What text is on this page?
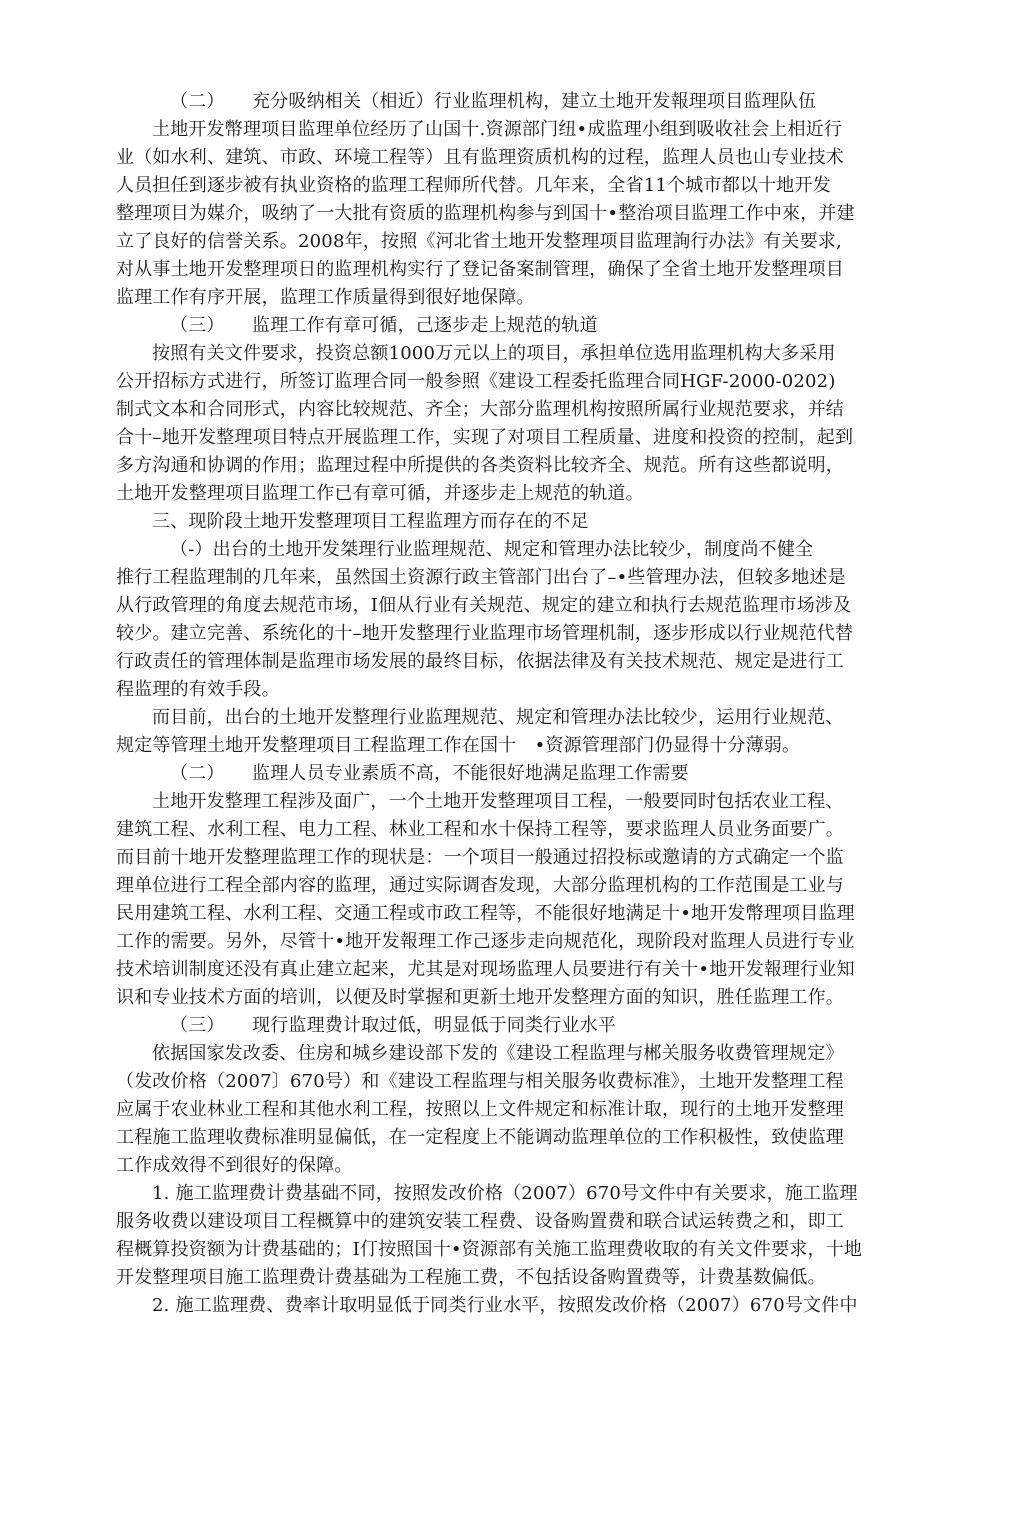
（二）　　充分吸纳相关（相近）行业监理机构，建立土地开发報理项目监理队伍
土地开发幣理项目监理单位经历了山国十.资源部门纽•成监理小组到吸收社会上相近行
业（如水利、建筑、市政、环境工程等）且有监理资质机构的过程，监理人员也山专业技术
人员担任到逐步被有执业资格的监理工程师所代替。几年来，全省11个城市都以十地开发
整理项目为媒介，吸纳了一大批有资质的监理机构参与到国十•整治项目监理工作中來，并建
立了良好的信誉关系。2008年，按照《河北省土地开发整理项目监理詢行办法》有关要求,
对从事土地开发整理项日的监理机构实行了登记备案制管理，确保了全省土地开发整理项目
监理工作有序开展，监理工作质量得到很好地保障。
（三）　　监理工作有章可循，己逐步走上规范的轨道
按照有关文件要求，投资总额1000万元以上的项目，承担单位选用监理机构大多采用
公开招标方式进行，所签订监理合同一般参照《建设工程委托监理合同HGF-2000-0202)
制式文本和合同形式，内容比较规范、齐全；大部分监理机构按照所属行业规范要求，并结
合十–地开发整理项目特点开展监理工作，实现了对项目工程质量、进度和投资的控制，起到
多方沟通和协调的作用；监理过程中所提供的各类资料比较齐全、规范。所有这些都说明，
土地开发整理项目监理工作已有章可循，并逐步走上规范的轨道。
三、现阶段土地开发整理项目工程监理方而存在的不足
（-）出台的土地开发桀理行业监理规范、规定和管理办法比较少，制度尚不健全
推行工程监理制的几年来，虽然国土资源行政主管部门出台了–•些管理办法，但较多地述是
从行政管理的角度去规范市场，I佃从行业有关规范、规定的建立和执行去规范监理市场涉及
较少。建立完善、系统化的十–地开发整理行业监理市场管理机制，逐步形成以行业规范代替
行政责任的管理体制是监理市场发展的最终目标，依据法律及有关技术规范、规定是进行工
程监理的有效手段。
而目前，出台的土地开发整理行业监理规范、规定和管理办法比较少，运用行业规范、
规定等管理土地开发整理项目工程监理工作在国十　•资源管理部门仍显得十分薄弱。
（二）　　监理人员专业素质不高，不能很好地满足监理工作需要
土地开发整理工程涉及面广，一个土地开发整理项目工程，一般要同时包括农业工程、
建筑工程、水利工程、电力工程、林业工程和水十保持工程等，要求监理人员业务面要广。
而目前十地开发整理监理工作的现状是：一个项目一般通过招投标或邀请的方式确定一个监
理单位进行工程全部内容的监理，通过实际调杳发现，大部分监理机构的工作范围是工业与
民用建筑工程、水利工程、交通工程或市政工程等，不能很好地满足十•地开发幣理项目监理
工作的需要。另外，尽管十•地开发報理工作己逐步走向规范化，现阶段对监理人员进行专业
技术培训制度还没有真止建立起来，尤其是对现场监理人员要进行有关十•地开发報理行业知
识和专业技术方面的培训，以便及时掌握和更新土地开发整理方面的知识，胜任监理工作。
（三）　　现行监理费计取过低，明显低于同类行业水平
依据国家发改委、住房和城乡建设部下发的《建设工程监理与郴关服务收费管理规定》
（发改价格（2007〕670号）和《建设工程监理与相关服务收费标准》，土地开发整理工程
应属于农业林业工程和其他水利工程，按照以上文件规定和标准计取，现行的土地开发整理
工程施工监理收费标准明显偏低，在一定程度上不能调动监理单位的工作积极性，致使监理
工作成效得不到很好的保障。
1. 施工监理费计费基础不同，按照发改价格（2007）670号文件中有关要求，施工监理
服务收费以建设项目工程概算中的建筑安装工程费、设备购置费和联合试运转费之和，即工
程概算投资额为计费基础的；I仃按照国十•资源部有关施工监理费收取的有关文件要求，十地
开发整理项目施工监理费计费基础为工程施工费，不包括设备购置费等，计费基数偏低。
2. 施工监理费、费率计取明显低于同类行业水平，按照发改价格（2007）670号文件中
